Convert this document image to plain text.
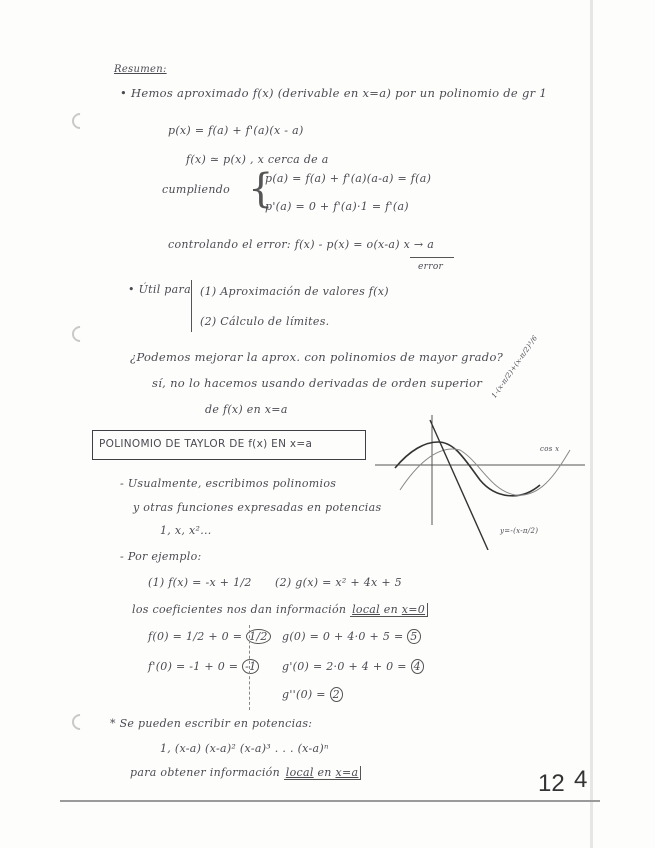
Resumen:
• Hemos aproximado f(x) (derivable en x=a) por un polinomio de gr 1
p(x) = f(a) + f'(a)(x - a)
f(x) ≃ p(x) , x cerca de a
cumpliendo {
p(a) = f(a) + f'(a)(a-a) = f(a)
p'(a) = 0 + f'(a)·1 = f'(a)
controlando el error: f(x) - p(x) = o(x-a) x → a
error
• Útil para (1) Aproximación de valores f(x)
(2) Cálculo de límites.
¿Podemos mejorar la aprox. con polinomios de mayor grado?
sí, no lo hacemos usando derivadas de orden superior
de f(x) en x=a
POLINOMIO DE TAYLOR DE f(x) EN x=a	cos x
1-(x-π/2)+(x-π/2)³/6
y=-(x-π/2)
- Usualmente, escribimos polinomios
y otras funciones expresadas en potencias
1, x, x²...
- Por ejemplo:
(1) f(x) = -x + 1/2 (2) g(x) = x² + 4x + 5
los coeficientes nos dan información local en x=0
f(0) = 1/2 + 0 = 1/2
f'(0) = -1 + 0 = -1
g(0) = 0 + 4·0 + 5 = 5
g'(0) = 2·0 + 4 + 0 = 4
g''(0) = 2
* Se pueden escribir en potencias:
1, (x-a) (x-a)² (x-a)³ . . . (x-a)ⁿ
para obtener información local en x=a	12 4
